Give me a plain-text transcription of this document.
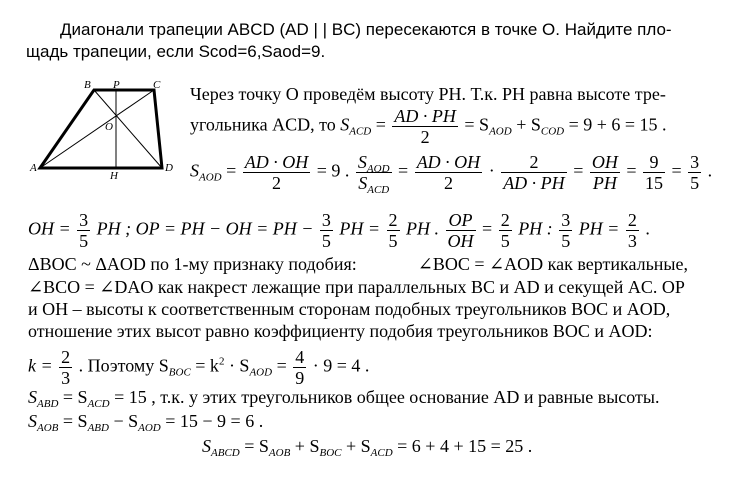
Диагонали трапеции ABCD (AD | | BC) пересекаются в точке О. Найдите пло-
щадь трапеции, если Scod=6,Saod=9.
A
B P	C
O
D
H
Через точку O проведём высоту PH. Т.к. PH равна высоте тре-
угольника ACD, то $S_{ACD} = \frac{AD \cdot PH}{2} = S_{AOD} + S_{COD} = 9 + 6 = 15$ .
$S_{AOD} = \frac{AD \cdot OH}{2} = 9$ . $S_{AOD}$
$S_{ACD}$
= $\frac{AD \cdot OH}{2} \cdot \frac{2}{AD \cdot PH} = \frac{OH}{PH} = \frac{9}{15} = \frac{3}{5}$ .
OH = $\frac{3}{5}$ PH ; OP = PH − OH = PH − $\frac{3}{5}$ PH = $\frac{2}{5}$ PH . $\frac{OP}{OH} = \frac{2}{5}$ PH : $\frac{3}{5}$ PH = $\frac{2}{3}$ .
ΔBOC ~ ΔAOD по 1-му признаку подобия:	∠BOC = ∠AOD как вертикальные,
∠BCO = ∠DAO как накрест лежащие при параллельных BC и AD и секущей AC. OP
и OH – высоты к соответственным сторонам подобных треугольников BOC и AOD,
отношение этих высот равно коэффициенту подобия треугольников BOC и AOD:
$k = \frac{2}{3}$ . Поэтому $S_{BOC} = k^2 \cdot S_{AOD} = \frac{4}{9} \cdot 9 = 4$ .
$S_{ABD} = S_{ACD} = 15$ , т.к. у этих треугольников общее основание AD и равные высоты.
$S_{AOB} = S_{ABD} - S_{AOD} = 15 - 9 = 6$ .
$S_{ABCD} = S_{AOB} + S_{BOC} + S_{ACD} = 6 + 4 + 15 = 25$ .
